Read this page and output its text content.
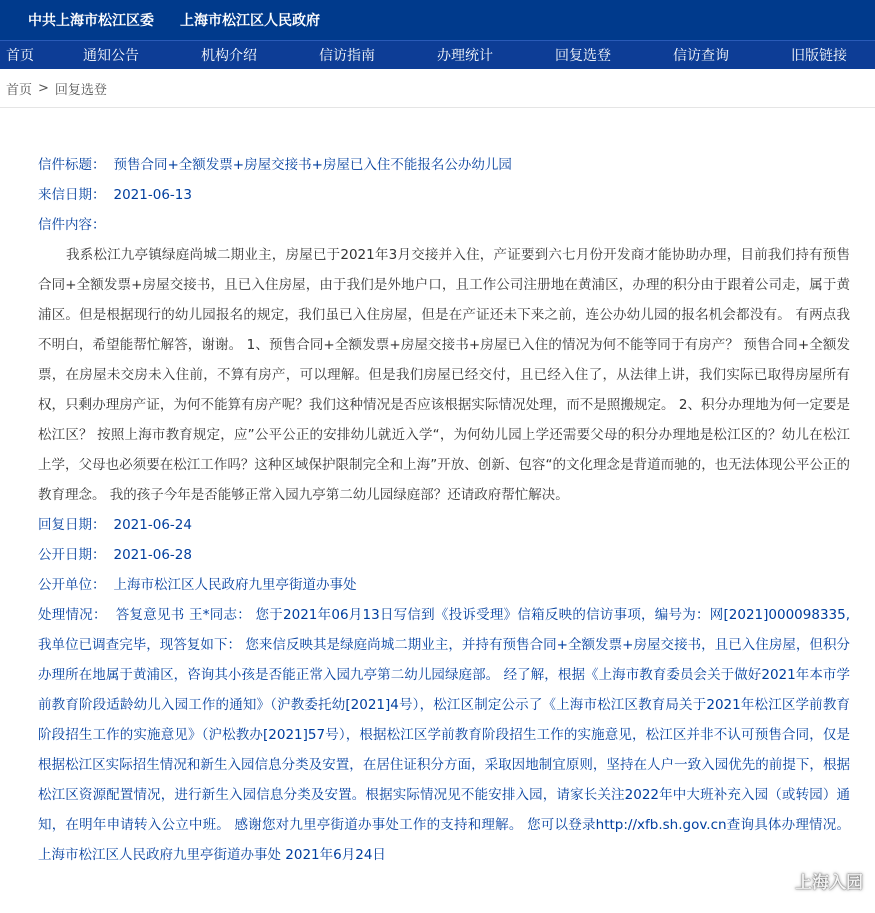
中共上海市松江区委 上海市松江区人民政府
首页	通知公告	机构介绍	信访指南	办理统计	回复选登	信访查询	旧版链接
首页 > 回复选登
信件标题： 预售合同+全额发票+房屋交接书+房屋已入住不能报名公办幼儿园
来信日期： 2021-06-13
信件内容：
我系松江九亭镇绿庭尚城二期业主，房屋已于2021年3月交接并入住，产证要到六七月份开发商才能协助办理，目前我们持有预售合同+全额发票+房屋交接书，且已入住房屋，由于我们是外地户口，且工作公司注册地在黄浦区，办理的积分由于跟着公司走，属于黄浦区。但是根据现行的幼儿园报名的规定，我们虽已入住房屋，但是在产证还未下来之前，连公办幼儿园的报名机会都没有。 有两点我不明白，希望能帮忙解答，谢谢。 1、预售合同+全额发票+房屋交接书+房屋已入住的情况为何不能等同于有房产？ 预售合同+全额发票，在房屋未交房未入住前，不算有房产，可以理解。但是我们房屋已经交付，且已经入住了，从法律上讲，我们实际已取得房屋所有权，只剩办理房产证，为何不能算有房产呢？我们这种情况是否应该根据实际情况处理，而不是照搬规定。 2、积分办理地为何一定要是松江区？ 按照上海市教育规定，应”公平公正的安排幼儿就近入学“，为何幼儿园上学还需要父母的积分办理地是松江区的？幼儿在松江上学，父母也必须要在松江工作吗？这种区域保护限制完全和上海”开放、创新、包容“的文化理念是背道而驰的，也无法体现公平公正的教育理念。 我的孩子今年是否能够正常入园九亭第二幼儿园绿庭部？还请政府帮忙解决。
回复日期： 2021-06-24
公开日期： 2021-06-28
公开单位： 上海市松江区人民政府九里亭街道办事处
处理情况： 答复意见书 王*同志： 您于2021年06月13日写信到《投诉受理》信箱反映的信访事项，编号为：网[2021]000098335,我单位已调查完毕，现答复如下： 您来信反映其是绿庭尚城二期业主，并持有预售合同+全额发票+房屋交接书，且已入住房屋，但积分办理所在地属于黄浦区，咨询其小孩是否能正常入园九亭第二幼儿园绿庭部。 经了解，根据《上海市教育委员会关于做好2021年本市学前教育阶段适龄幼儿入园工作的通知》（沪教委托幼[2021]4号），松江区制定公示了《上海市松江区教育局关于2021年松江区学前教育阶段招生工作的实施意见》（沪松教办[2021]57号），根据松江区学前教育阶段招生工作的实施意见，松江区并非不认可预售合同，仅是根据松江区实际招生情况和新生入园信息分类及安置，在居住证积分方面，采取因地制宜原则，坚持在人户一致入园优先的前提下，根据松江区资源配置情况，进行新生入园信息分类及安置。根据实际情况见不能安排入园，请家长关注2022年中大班补充入园（或转园）通知，在明年申请转入公立中班。 感谢您对九里亭街道办事处工作的支持和理解。 您可以登录http://xfb.sh.gov.cn查询具体办理情况。 上海市松江区人民政府九里亭街道办事处 2021年6月24日
上海入园
